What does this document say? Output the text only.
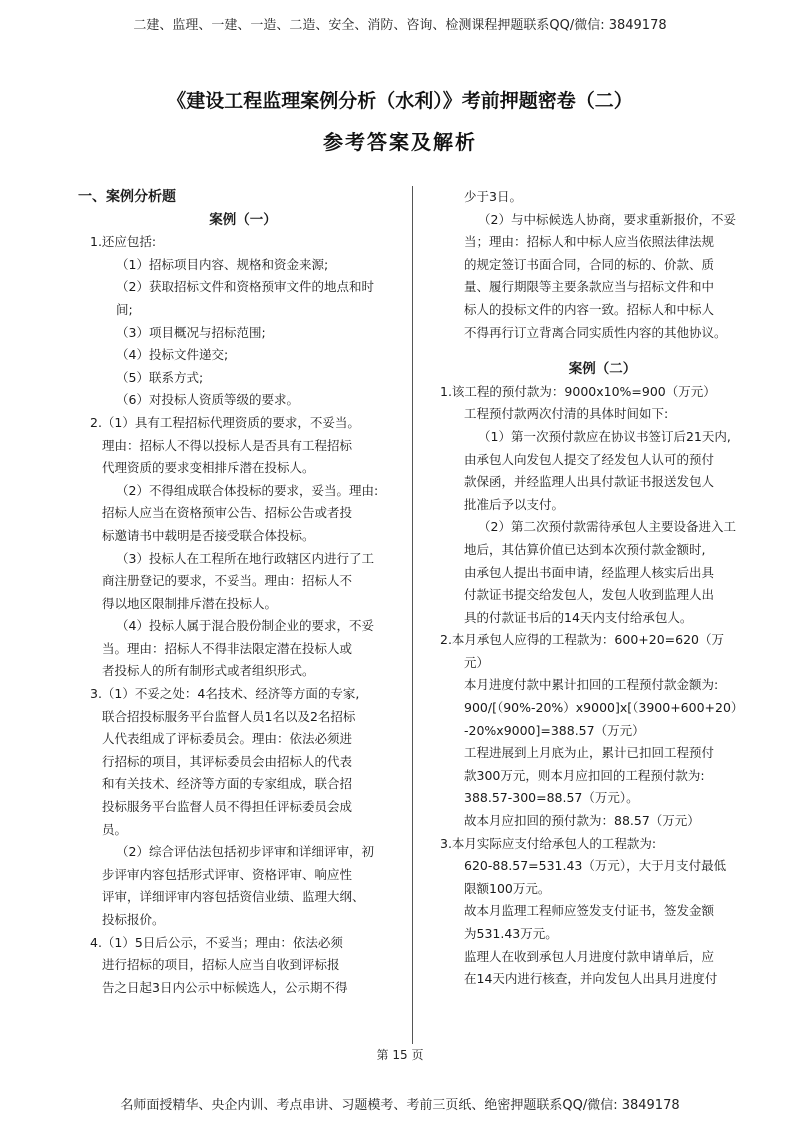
二建、监理、一建、一造、二造、安全、消防、咨询、检测课程押题联系QQ/微信: 3849178
《建设工程监理案例分析（水利）》考前押题密卷（二）
参考答案及解析

一、案例分析题

案例（一）

1.还应包括:

（1）招标项目内容、规格和资金来源;

（2）获取招标文件和资格预审文件的地点和时

间;

（3）项目概况与招标范围;

（4）投标文件递交;

（5）联系方式;

（6）对投标人资质等级的要求。

2.（1）具有工程招标代理资质的要求，不妥当。

理由：招标人不得以投标人是否具有工程招标

代理资质的要求变相排斥潜在投标人。

（2）不得组成联合体投标的要求，妥当。理由:

招标人应当在资格预审公告、招标公告或者投

标邀请书中载明是否接受联合体投标。

（3）投标人在工程所在地行政辖区内进行了工

商注册登记的要求，不妥当。理由：招标人不

得以地区限制排斥潜在投标人。

（4）投标人属于混合股份制企业的要求，不妥

当。理由：招标人不得非法限定潜在投标人或

者投标人的所有制形式或者组织形式。

3.（1）不妥之处：4名技术、经济等方面的专家,

联合招投标服务平台监督人员1名以及2名招标

人代表组成了评标委员会。理由：依法必须进

行招标的项目，其评标委员会由招标人的代表

和有关技术、经济等方面的专家组成，联合招

投标服务平台监督人员不得担任评标委员会成

员。

（2）综合评估法包括初步评审和详细评审，初

步评审内容包括形式评审、资格评审、响应性

评审，详细评审内容包括资信业绩、监理大纲、

投标报价。

4.（1）5日后公示，不妥当；理由：依法必须

进行招标的项目，招标人应当自收到评标报

告之日起3日内公示中标候选人，公示期不得

少于3日。

（2）与中标候选人协商，要求重新报价，不妥

当；理由：招标人和中标人应当依照法律法规

的规定签订书面合同，合同的标的、价款、质

量、履行期限等主要条款应当与招标文件和中

标人的投标文件的内容一致。招标人和中标人

不得再行订立背离合同实质性内容的其他协议。

案例（二）

1.该工程的预付款为：9000x10%=900（万元）

工程预付款两次付清的具体时间如下:

（1）第一次预付款应在协议书签订后21天内,

由承包人向发包人提交了经发包人认可的预付

款保函，并经监理人出具付款证书报送发包人

批准后予以支付。

（2）第二次预付款需待承包人主要设备进入工

地后，其估算价值已达到本次预付款金额时,

由承包人提出书面申请，经监理人核实后出具

付款证书提交给发包人，发包人收到监理人出

具的付款证书后的14天内支付给承包人。

2.本月承包人应得的工程款为：600+20=620（万

元）

本月进度付款中累计扣回的工程预付款金额为:

900/[（90%-20%）x9000]x[（3900+600+20）

-20%x9000]=388.57（万元）

工程进展到上月底为止，累计已扣回工程预付

款300万元，则本月应扣回的工程预付款为:

388.57-300=88.57（万元）。

故本月应扣回的预付款为：88.57（万元）

3.本月实际应支付给承包人的工程款为:

620-88.57=531.43（万元），大于月支付最低

限额100万元。

故本月监理工程师应签发支付证书，签发金额

为531.43万元。

监理人在收到承包人月进度付款申请单后，应

在14天内进行核查，并向发包人出具月进度付

第 15 页
名师面授精华、央企内训、考点串讲、习题模考、考前三页纸、绝密押题联系QQ/微信: 3849178
